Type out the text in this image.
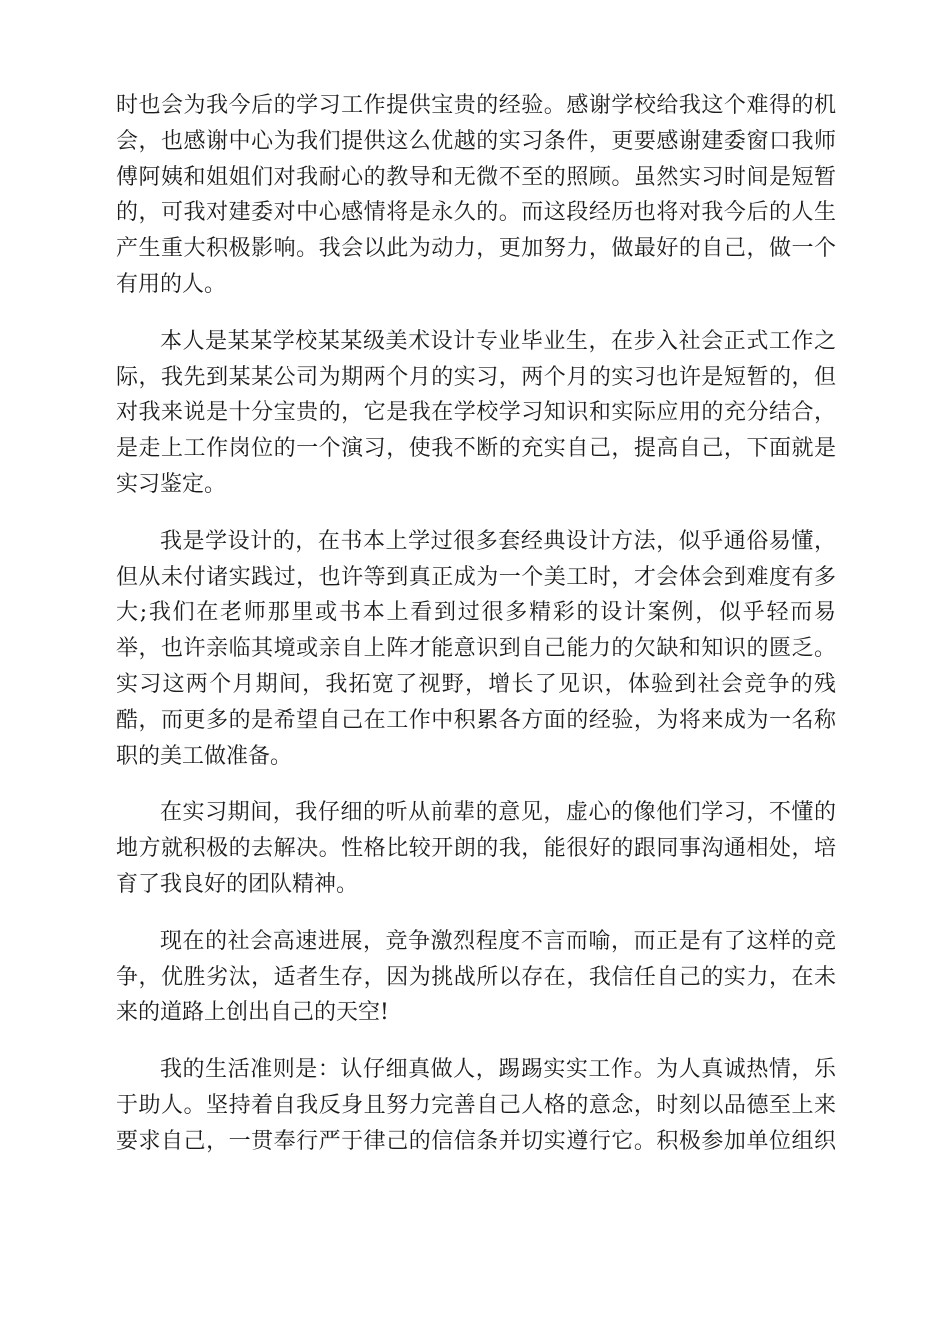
时也会为我今后的学习工作提供宝贵的经验。感谢学校给我这个难得的机
会，也感谢中心为我们提供这么优越的实习条件，更要感谢建委窗口我师
傅阿姨和姐姐们对我耐心的教导和无微不至的照顾。虽然实习时间是短暂
的，可我对建委对中心感情将是永久的。而这段经历也将对我今后的人生
产生重大积极影响。我会以此为动力，更加努力，做最好的自己，做一个
有用的人。
本人是某某学校某某级美术设计专业毕业生，在步入社会正式工作之
际，我先到某某公司为期两个月的实习，两个月的实习也许是短暂的，但
对我来说是十分宝贵的，它是我在学校学习知识和实际应用的充分结合，
是走上工作岗位的一个演习，使我不断的充实自己，提高自己，下面就是
实习鉴定。
我是学设计的，在书本上学过很多套经典设计方法，似乎通俗易懂，
但从未付诸实践过，也许等到真正成为一个美工时，才会体会到难度有多
大;我们在老师那里或书本上看到过很多精彩的设计案例，似乎轻而易
举，也许亲临其境或亲自上阵才能意识到自己能力的欠缺和知识的匮乏。
实习这两个月期间，我拓宽了视野，增长了见识，体验到社会竞争的残
酷，而更多的是希望自己在工作中积累各方面的经验，为将来成为一名称
职的美工做准备。
在实习期间，我仔细的听从前辈的意见，虚心的像他们学习，不懂的
地方就积极的去解决。性格比较开朗的我，能很好的跟同事沟通相处，培
育了我良好的团队精神。
现在的社会高速进展，竞争激烈程度不言而喻，而正是有了这样的竞
争，优胜劣汰，适者生存，因为挑战所以存在，我信任自己的实力，在未
来的道路上创出自己的天空!
我的生活准则是：认仔细真做人，踢踢实实工作。为人真诚热情，乐
于助人。坚持着自我反身且努力完善自己人格的意念，时刻以品德至上来
要求自己，一贯奉行严于律己的信信条并切实遵行它。积极参加单位组织
